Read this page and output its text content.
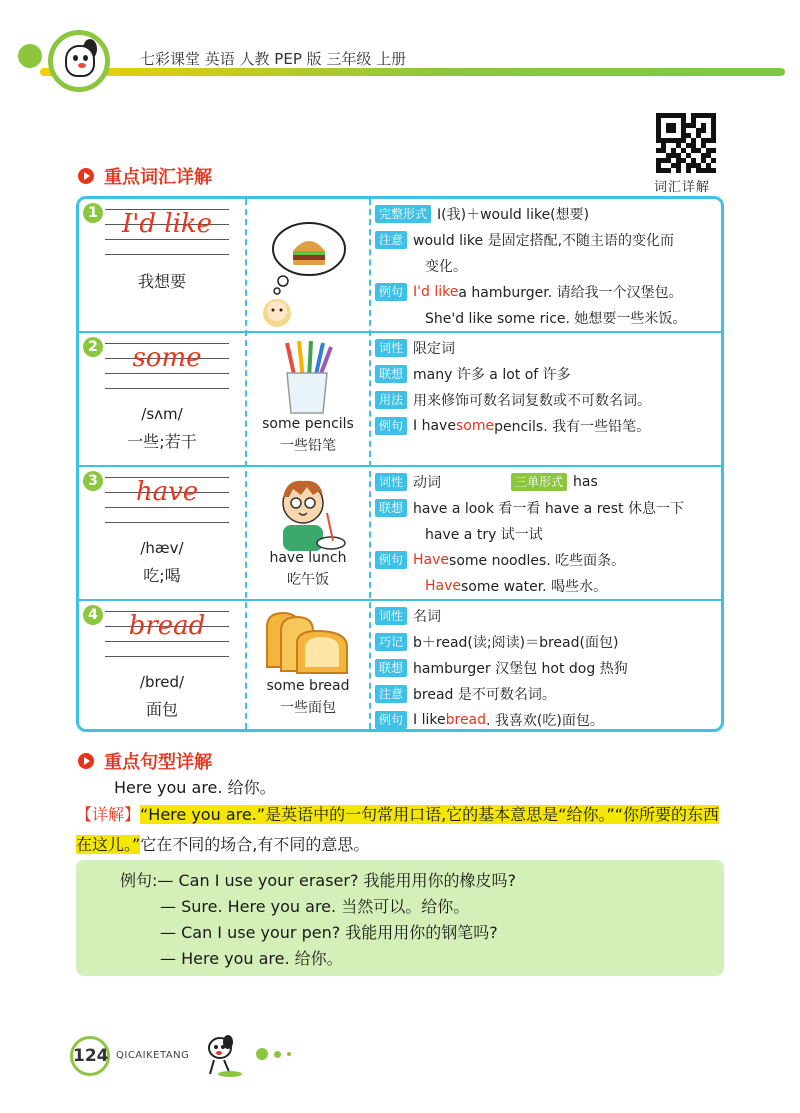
七彩课堂 英语 人教 PEP 版 三年级 上册
词汇详解
重点词汇详解
1 I'd like
我想要
完整形式 I(我)＋would like(想要)
注意 would like 是固定搭配,不随主语的变化而
变化。
例句 I'd like a hamburger. 请给我一个汉堡包。
She'd like some rice. 她想要一些米饭。
2	some
/sʌm/
一些;若干
some pencils
一些铅笔
词性 限定词
联想 many 许多 a lot of 许多
用法 用来修饰可数名词复数或不可数名词。
例句 I have some pencils. 我有一些铅笔。
3	have
/hæv/
吃;喝
have lunch
吃午饭
词性 动词	三单形式 has
联想 have a look 看一看 have a rest 休息一下
have a try 试一试
例句 Have some noodles. 吃些面条。
Have some water. 喝些水。
4	bread
/bred/
面包
some bread
一些面包
词性 名词
巧记 b＋read(读;阅读)＝bread(面包)
联想 hamburger 汉堡包 hot dog 热狗
注意 bread 是不可数名词。
例句 I like bread . 我喜欢(吃)面包。
重点句型详解
Here you are. 给你。
【详解】“Here you are.”是英语中的一句常用口语,它的基本意思是“给你。”“你所要的东西在这儿。”它在不同的场合,有不同的意思。
例句:— Can I use your eraser? 我能用用你的橡皮吗?
— Sure. Here you are. 当然可以。给你。
— Can I use your pen? 我能用用你的钢笔吗?
— Here you are. 给你。
124 QICAIKETANG
